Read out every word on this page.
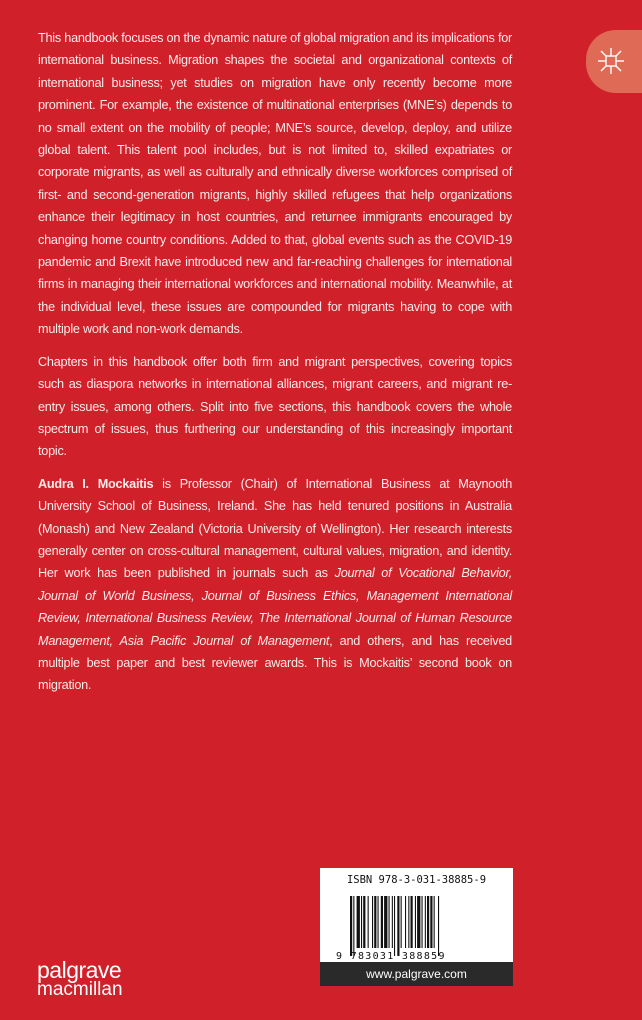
This handbook focuses on the dynamic nature of global migration and its implications for international business. Migration shapes the societal and organizational contexts of international business; yet studies on migration have only recently become more prominent. For example, the existence of multinational enterprises (MNE’s) depends to no small extent on the mobility of people; MNE’s source, develop, deploy, and utilize global talent. This talent pool includes, but is not limited to, skilled expatriates or corporate migrants, as well as culturally and ethnically diverse workforces comprised of first- and second-generation migrants, highly skilled refugees that help organizations enhance their legitimacy in host countries, and returnee immigrants encouraged by changing home country conditions. Added to that, global events such as the COVID-19 pandemic and Brexit have introduced new and far-reaching challenges for international firms in managing their international workforces and international mobility. Meanwhile, at the individual level, these issues are compounded for migrants having to cope with multiple work and non-work demands.

Chapters in this handbook offer both firm and migrant perspectives, covering topics such as diaspora networks in international alliances, migrant careers, and migrant re-entry issues, among others. Split into five sections, this handbook covers the whole spectrum of issues, thus furthering our understanding of this increasingly important topic.

Audra I. Mockaitis is Professor (Chair) of International Business at Maynooth University School of Business, Ireland. She has held tenured positions in Australia (Monash) and New Zealand (Victoria University of Wellington). Her research interests generally center on cross-cultural management, cultural values, migration, and identity. Her work has been published in journals such as Journal of Vocational Behavior, Journal of World Business, Journal of Business Ethics, Management International Review, International Business Review, The International Journal of Human Resource Management, Asia Pacific Journal of Management, and others, and has received multiple best paper and best reviewer awards. This is Mockaitis’ second book on migration.

palgrave
macmillan
ISBN 978-3-031-38885-9
9 783031 388859
www.palgrave.com
